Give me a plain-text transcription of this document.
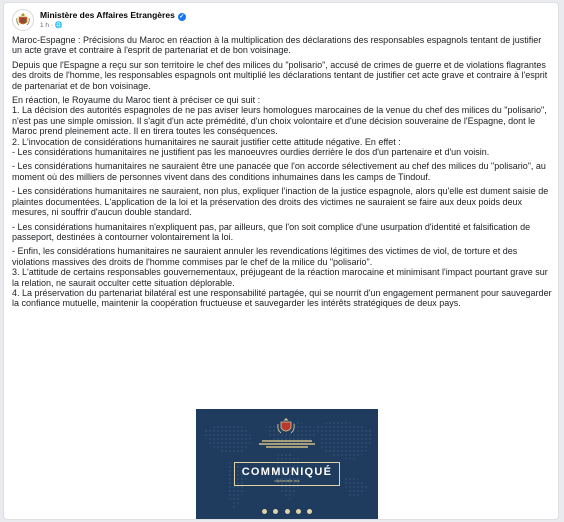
Ministère des Affaires Etrangères ✓
1 h · 🌐

Maroc-Espagne : Précisions du Maroc en réaction à la multiplication des déclarations des responsables espagnols tentant de justifier un acte grave et contraire à l'esprit de partenariat et de bon voisinage.

Depuis que l'Espagne a reçu sur son territoire le chef des milices du "polisario", accusé de crimes de guerre et de violations flagrantes des droits de l'homme, les responsables espagnols ont multiplié les déclarations tentant de justifier cet acte grave et contraire à l'esprit de partenariat et de bon voisinage.

En réaction, le Royaume du Maroc tient à préciser ce qui suit :

1. La décision des autorités espagnoles de ne pas aviser leurs homologues marocaines de la venue du chef des milices du "polisario", n'est pas une simple omission. Il s'agit d'un acte prémédité, d'un choix volontaire et d'une décision souveraine de l'Espagne, dont le Maroc prend pleinement acte. Il en tirera toutes les conséquences.

2. L'invocation de considérations humanitaires ne saurait justifier cette attitude négative. En effet :

- Les considérations humanitaires ne justifient pas les manoeuvres ourdies derrière le dos d'un partenaire et d'un voisin.

- Les considérations humanitaires ne sauraient être une panacée que l'on accorde sélectivement au chef des milices du "polisario", au moment où des milliers de personnes vivent dans des conditions inhumaines dans les camps de Tindouf.

- Les considérations humanitaires ne sauraient, non plus, expliquer l'inaction de la justice espagnole, alors qu'elle est dument saisie de plaintes documentées. L'application de la loi et la préservation des droits des victimes ne sauraient se faire aux deux poids deux mesures, ni souffrir d'aucun double standard.

- Les considérations humanitaires n'expliquent pas, par ailleurs, que l'on soit complice d'une usurpation d'identité et falsification de passeport, destinées à contourner volontairement la loi.

- Enfin, les considérations humanitaires ne sauraient annuler les revendications légitimes des victimes de viol, de torture et des violations massives des droits de l'homme commises par le chef de la milice du "polisario".

3. L'attitude de certains responsables gouvernementaux, préjugeant de la réaction marocaine et minimisant l'impact pourtant grave sur la relation, ne saurait occulter cette situation déplorable.

4. La préservation du partenariat bilatéral est une responsabilité partagée, qui se nourrit d'un engagement permanent pour sauvegarder la confiance mutuelle, maintenir la coopération fructueuse et sauvegarder les intérêts stratégiques de deux pays.

COMMUNIQUÉ
diplomatie.ma
